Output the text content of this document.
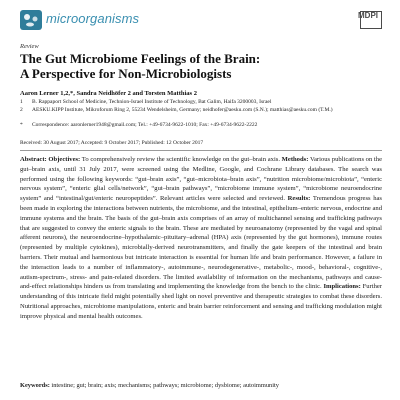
microorganisms	MDPI
Review
The Gut Microbiome Feelings of the Brain:
A Perspective for Non-Microbiologists
Aaron Lerner 1,2,*, Sandra Neidhöfer 2 and Torsten Matthias 2
1 B. Rappaport School of Medicine, Technion-Israel Institute of Technology, Bat Galim, Haifa 3200003, Israel
2 AESKU.KIPP Institute, Mikroforum Ring 2, 55234 Wendelsheim, Germany; neidhofer@aesku.com (S.N.); matthias@aesku.com (T.M.)
* Correspondence: aaronlerner1948@gmail.com; Tel.: +49-6734-9622-1010; Fax: +49-6734-9622-2222
Received: 30 August 2017; Accepted: 9 October 2017; Published: 12 October 2017
Abstract: Objectives: To comprehensively review the scientific knowledge on the gut–brain axis. Methods: Various publications on the gut–brain axis, until 31 July 2017, were screened using the Medline, Google, and Cochrane Library databases. The search was performed using the following keywords: “gut–brain axis”, “gut–microbiota–brain axis”, “nutrition microbiome/microbiota”, “enteric nervous system”, “enteric glial cells/network”, “gut–brain pathways”, “microbiome immune system”, “microbiome neuroendocrine system” and “intestinal/gut/enteric neuropeptides”. Relevant articles were selected and reviewed. Results: Tremendous progress has been made in exploring the interactions between nutrients, the microbiome, and the intestinal, epithelium–enteric nervous, endocrine and immune systems and the brain. The basis of the gut–brain axis comprises of an array of multichannel sensing and trafficking pathways that are suggested to convey the enteric signals to the brain. These are mediated by neuroanatomy (represented by the vagal and spinal afferent neurons), the neuroendocrine–hypothalamic–pituitary–adrenal (HPA) axis (represented by the gut hormones), immune routes (represented by multiple cytokines), microbially-derived neurotransmitters, and finally the gate keepers of the intestinal and brain barriers. Their mutual and harmonious but intricate interaction is essential for human life and brain performance. However, a failure in the interaction leads to a number of inflammatory-, autoimmune-, neurodegenerative-, metabolic-, mood-, behavioral-, cognitive-, autism-spectrum-, stress- and pain-related disorders. The limited availability of information on the mechanisms, pathways and cause-and-effect relationships hinders us from translating and implementing the knowledge from the bench to the clinic. Implications: Further understanding of this intricate field might potentially shed light on novel preventive and therapeutic strategies to combat these disorders. Nutritional approaches, microbiome manipulations, enteric and brain barrier reinforcement and sensing and trafficking modulation might improve physical and mental health outcomes.
Keywords: intestine; gut; brain; axis; mechanisms; pathways; microbiome; dysbiome; autoimmunity
